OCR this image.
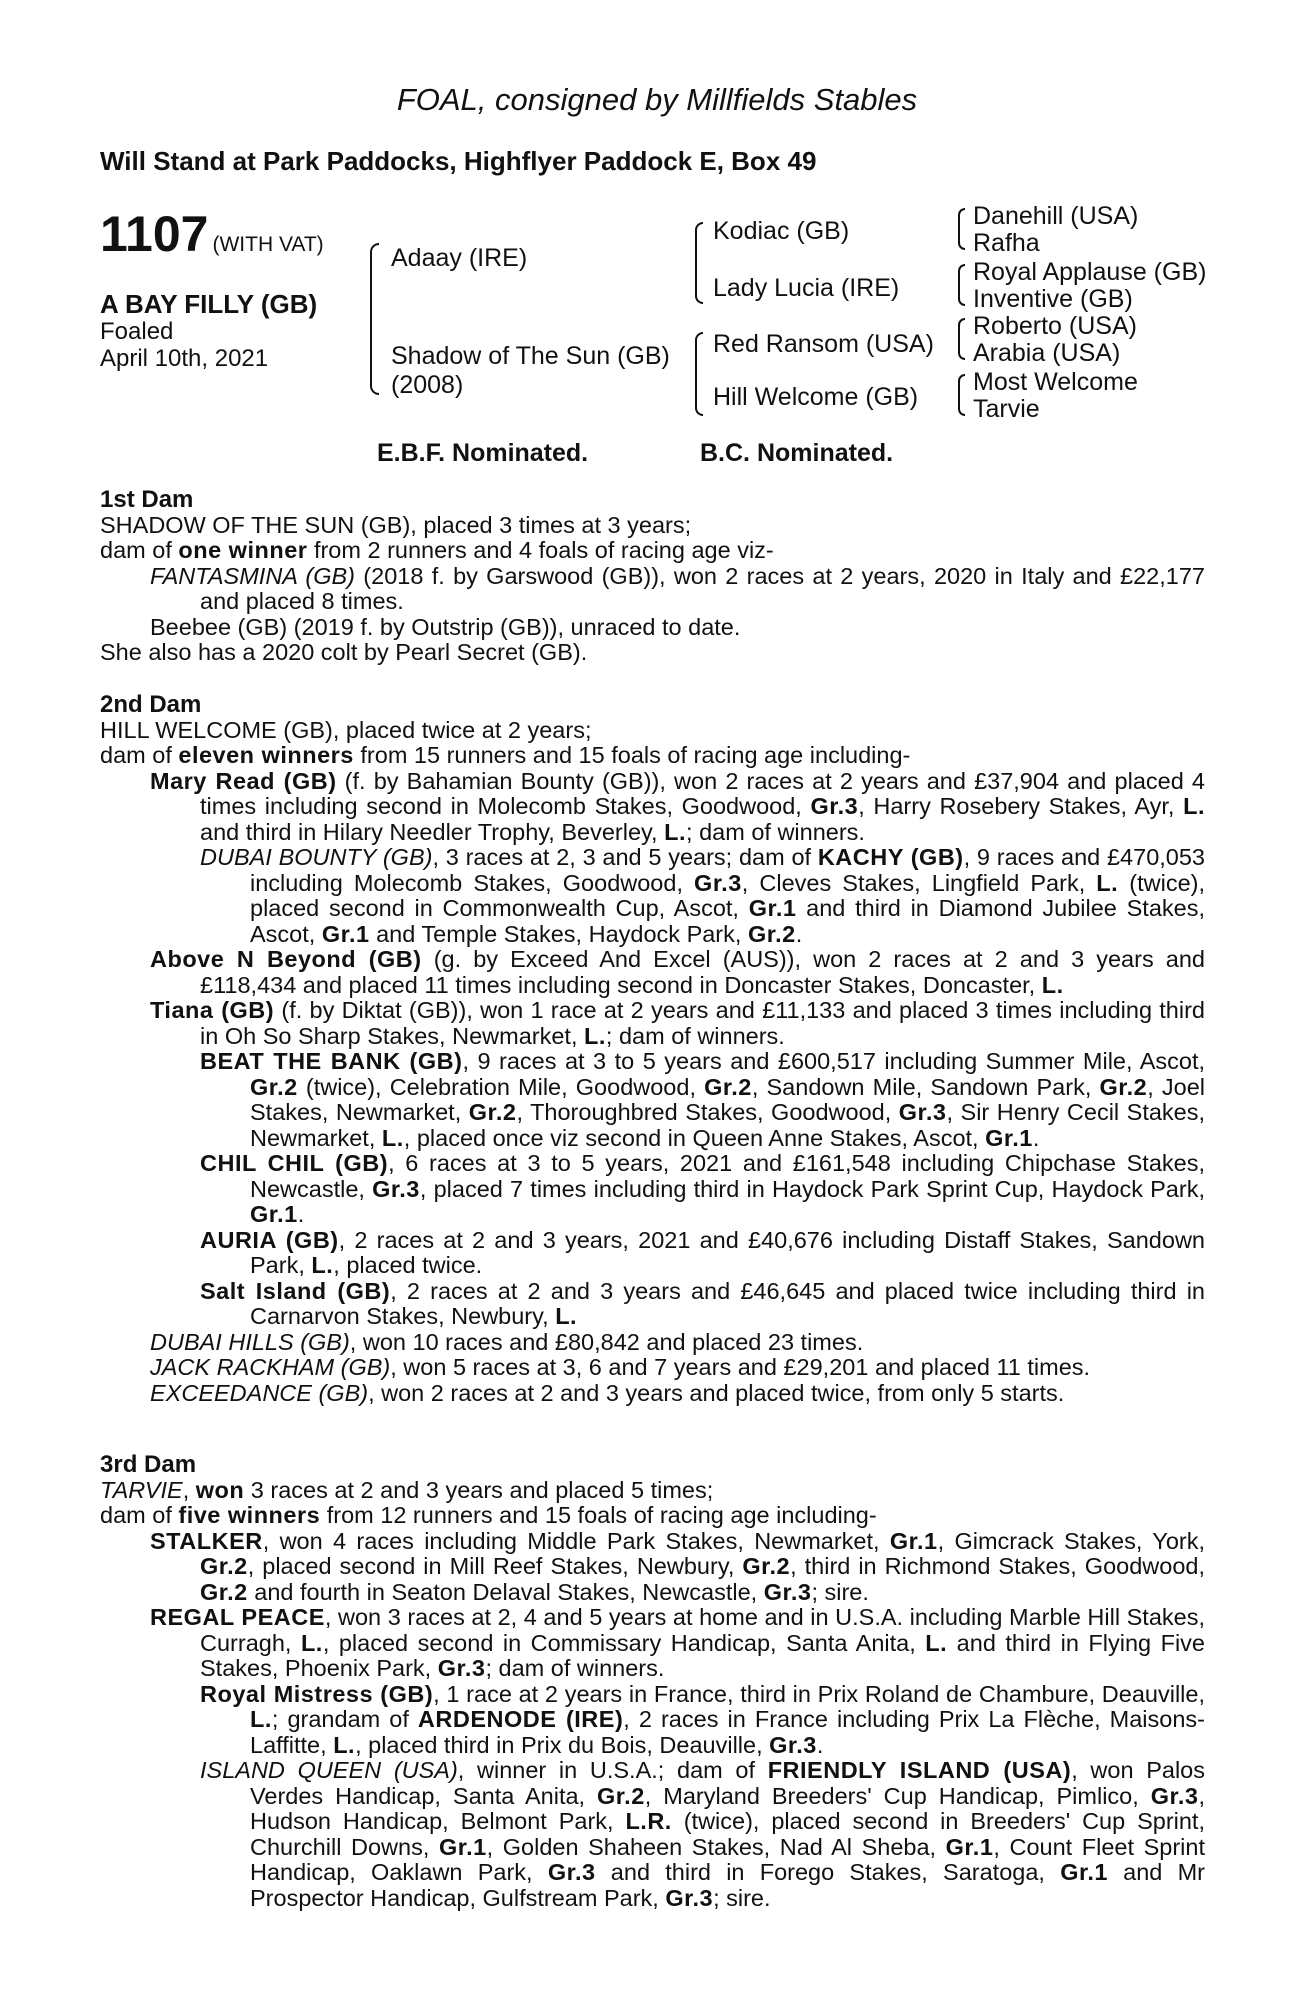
FOAL, consigned by Millfields Stables
Will Stand at Park Paddocks, Highflyer Paddock E, Box 49
1107 (WITH VAT)
A BAY FILLY (GB)
Foaled
April 10th, 2021
Adaay (IRE)
Shadow of The Sun (GB)
(2008)
Kodiac (GB)
Lady Lucia (IRE)
Red Ransom (USA)
Hill Welcome (GB)
Danehill (USA)
Rafha
Royal Applause (GB)
Inventive (GB)
Roberto (USA)
Arabia (USA)
Most Welcome
Tarvie
E.B.F. Nominated.	B.C. Nominated.

1st Dam

SHADOW OF THE SUN (GB), placed 3 times at 3 years;

dam of one winner from 2 runners and 4 foals of racing age viz-

FANTASMINA (GB) (2018 f. by Garswood (GB)), won 2 races at 2 years, 2020 in Italy and £22,177 and placed 8 times.

Beebee (GB) (2019 f. by Outstrip (GB)), unraced to date.

She also has a 2020 colt by Pearl Secret (GB).

2nd Dam

HILL WELCOME (GB), placed twice at 2 years;

dam of eleven winners from 15 runners and 15 foals of racing age including-

Mary Read (GB) (f. by Bahamian Bounty (GB)), won 2 races at 2 years and £37,904 and placed 4 times including second in Molecomb Stakes, Goodwood, Gr.3, Harry Rosebery Stakes, Ayr, L. and third in Hilary Needler Trophy, Beverley, L.; dam of winners.

DUBAI BOUNTY (GB), 3 races at 2, 3 and 5 years; dam of KACHY (GB), 9 races and £470,053 including Molecomb Stakes, Goodwood, Gr.3, Cleves Stakes, Lingfield Park, L. (twice), placed second in Commonwealth Cup, Ascot, Gr.1 and third in Diamond Jubilee Stakes, Ascot, Gr.1 and Temple Stakes, Haydock Park, Gr.2.

Above N Beyond (GB) (g. by Exceed And Excel (AUS)), won 2 races at 2 and 3 years and £118,434 and placed 11 times including second in Doncaster Stakes, Doncaster, L.

Tiana (GB) (f. by Diktat (GB)), won 1 race at 2 years and £11,133 and placed 3 times including third in Oh So Sharp Stakes, Newmarket, L.; dam of winners.

BEAT THE BANK (GB), 9 races at 3 to 5 years and £600,517 including Summer Mile, Ascot, Gr.2 (twice), Celebration Mile, Goodwood, Gr.2, Sandown Mile, Sandown Park, Gr.2, Joel Stakes, Newmarket, Gr.2, Thoroughbred Stakes, Goodwood, Gr.3, Sir Henry Cecil Stakes, Newmarket, L., placed once viz second in Queen Anne Stakes, Ascot, Gr.1.

CHIL CHIL (GB), 6 races at 3 to 5 years, 2021 and £161,548 including Chipchase Stakes, Newcastle, Gr.3, placed 7 times including third in Haydock Park Sprint Cup, Haydock Park, Gr.1.

AURIA (GB), 2 races at 2 and 3 years, 2021 and £40,676 including Distaff Stakes, Sandown Park, L., placed twice.

Salt Island (GB), 2 races at 2 and 3 years and £46,645 and placed twice including third in Carnarvon Stakes, Newbury, L.

DUBAI HILLS (GB), won 10 races and £80,842 and placed 23 times.

JACK RACKHAM (GB), won 5 races at 3, 6 and 7 years and £29,201 and placed 11 times.

EXCEEDANCE (GB), won 2 races at 2 and 3 years and placed twice, from only 5 starts.

3rd Dam

TARVIE, won 3 races at 2 and 3 years and placed 5 times;

dam of five winners from 12 runners and 15 foals of racing age including-

STALKER, won 4 races including Middle Park Stakes, Newmarket, Gr.1, Gimcrack Stakes, York, Gr.2, placed second in Mill Reef Stakes, Newbury, Gr.2, third in Richmond Stakes, Goodwood, Gr.2 and fourth in Seaton Delaval Stakes, Newcastle, Gr.3; sire.

REGAL PEACE, won 3 races at 2, 4 and 5 years at home and in U.S.A. including Marble Hill Stakes, Curragh, L., placed second in Commissary Handicap, Santa Anita, L. and third in Flying Five Stakes, Phoenix Park, Gr.3; dam of winners.

Royal Mistress (GB), 1 race at 2 years in France, third in Prix Roland de Chambure, Deauville, L.; grandam of ARDENODE (IRE), 2 races in France including Prix La Flèche, Maisons-Laffitte, L., placed third in Prix du Bois, Deauville, Gr.3.

ISLAND QUEEN (USA), winner in U.S.A.; dam of FRIENDLY ISLAND (USA), won Palos Verdes Handicap, Santa Anita, Gr.2, Maryland Breeders' Cup Handicap, Pimlico, Gr.3, Hudson Handicap, Belmont Park, L.R. (twice), placed second in Breeders' Cup Sprint, Churchill Downs, Gr.1, Golden Shaheen Stakes, Nad Al Sheba, Gr.1, Count Fleet Sprint Handicap, Oaklawn Park, Gr.3 and third in Forego Stakes, Saratoga, Gr.1 and Mr Prospector Handicap, Gulfstream Park, Gr.3; sire.
